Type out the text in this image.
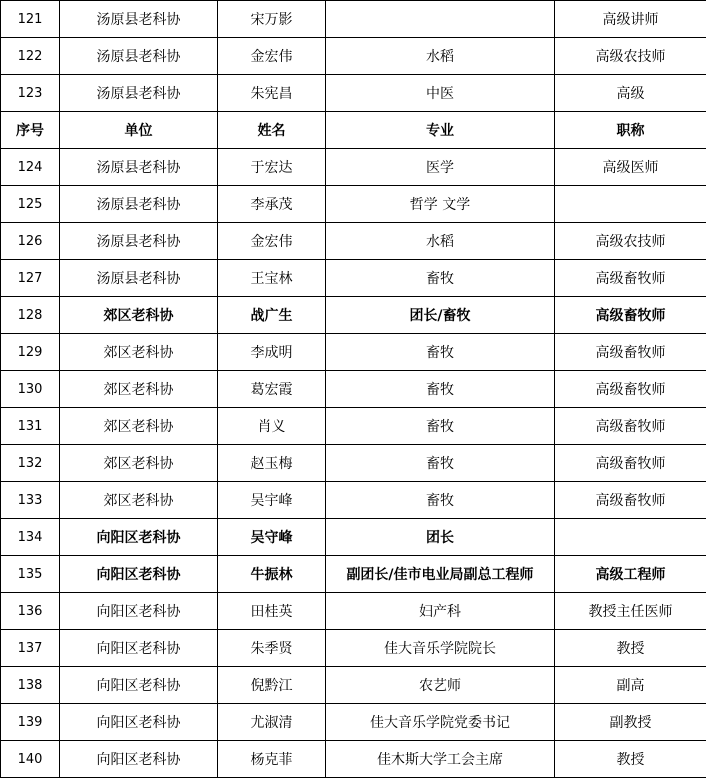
121	汤原县老科协	宋万影		高级讲师
122	汤原县老科协	金宏伟	水稻	高级农技师
123	汤原县老科协	朱宪昌	中医	高级
序号	单位	姓名	专业	职称
124	汤原县老科协	于宏达	医学	高级医师
125	汤原县老科协	李承茂	哲学 文学	
126	汤原县老科协	金宏伟	水稻	高级农技师
127	汤原县老科协	王宝林	畜牧	高级畜牧师
128	郊区老科协	战广生	团长/畜牧	高级畜牧师
129	郊区老科协	李成明	畜牧	高级畜牧师
130	郊区老科协	葛宏霞	畜牧	高级畜牧师
131	郊区老科协	肖义	畜牧	高级畜牧师
132	郊区老科协	赵玉梅	畜牧	高级畜牧师
133	郊区老科协	吴宇峰	畜牧	高级畜牧师
134	向阳区老科协	吴守峰	团长	
135	向阳区老科协	牛振林	副团长/佳市电业局副总工程师	高级工程师
136	向阳区老科协	田桂英	妇产科	教授主任医师
137	向阳区老科协	朱季贤	佳大音乐学院院长	教授
138	向阳区老科协	倪黔江	农艺师	副高
139	向阳区老科协	尤淑清	佳大音乐学院党委书记	副教授
140	向阳区老科协	杨克菲	佳木斯大学工会主席	教授
